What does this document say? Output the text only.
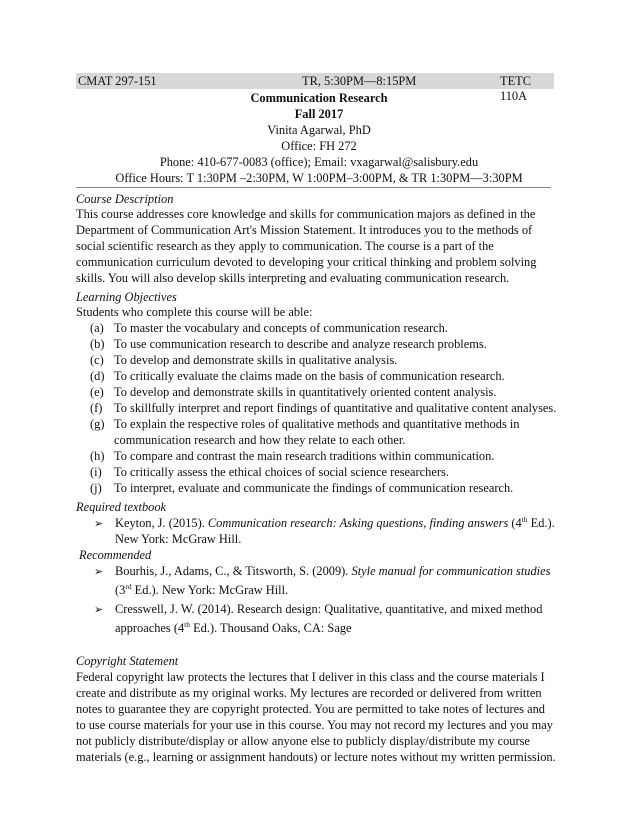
CMAT 297-151	TR, 5:30PM—8:15PM	TETC 110A
Communication Research
Fall 2017
Vinita Agarwal, PhD
Office: FH 272
Phone: 410-677-0083 (office); Email: vxagarwal@salisbury.edu
Office Hours: T 1:30PM –2:30PM, W 1:00PM–3:00PM, & TR 1:30PM—3:30PM
Course Description
This course addresses core knowledge and skills for communication majors as defined in the
Department of Communication Art's Mission Statement. It introduces you to the methods of
social scientific research as they apply to communication. The course is a part of the
communication curriculum devoted to developing your critical thinking and problem solving
skills. You will also develop skills interpreting and evaluating communication research.
Learning Objectives
Students who complete this course will be able:
(a) To master the vocabulary and concepts of communication research.
(b) To use communication research to describe and analyze research problems.
(c) To develop and demonstrate skills in qualitative analysis.
(d) To critically evaluate the claims made on the basis of communication research.
(e) To develop and demonstrate skills in quantitatively oriented content analysis.
(f) To skillfully interpret and report findings of quantitative and qualitative content analyses.
(g) To explain the respective roles of qualitative methods and quantitative methods in
communication research and how they relate to each other.
(h) To compare and contrast the main research traditions within communication.
(i) To critically assess the ethical choices of social science researchers.
(j) To interpret, evaluate and communicate the findings of communication research.
Required textbook
➢ Keyton, J. (2015). Communication research: Asking questions, finding answers (4th Ed.).
New York: McGraw Hill.
Recommended
➢ Bourhis, J., Adams, C., & Titsworth, S. (2009). Style manual for communication studies
(3rd Ed.). New York: McGraw Hill.
➢ Cresswell, J. W. (2014). Research design: Qualitative, quantitative, and mixed method
approaches (4th Ed.). Thousand Oaks, CA: Sage
Copyright Statement
Federal copyright law protects the lectures that I deliver in this class and the course materials I
create and distribute as my original works. My lectures are recorded or delivered from written
notes to guarantee they are copyright protected. You are permitted to take notes of lectures and
to use course materials for your use in this course. You may not record my lectures and you may
not publicly distribute/display or allow anyone else to publicly display/distribute my course
materials (e.g., learning or assignment handouts) or lecture notes without my written permission.
